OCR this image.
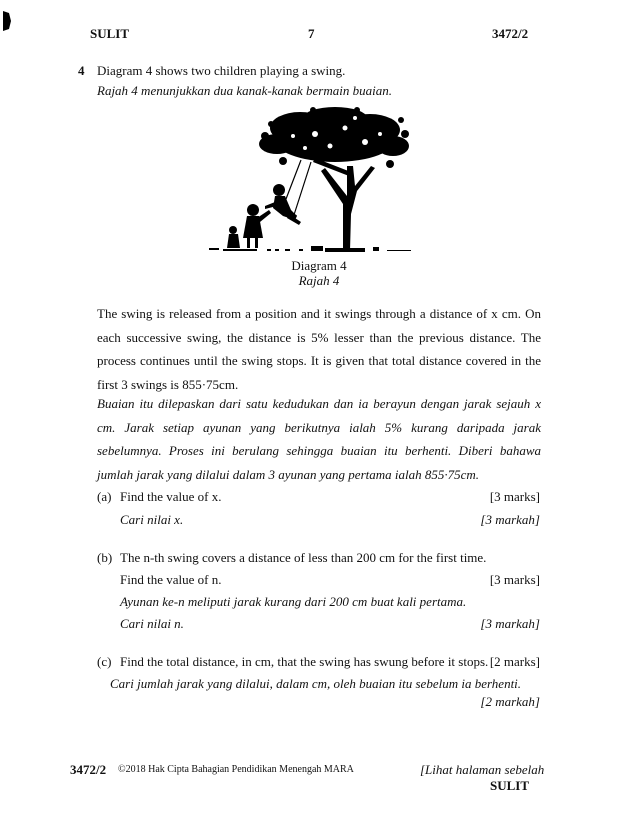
SULIT	7	3472/2
4 Diagram 4 shows two children playing a swing.
Rajah 4 menunjukkan dua kanak-kanak bermain buaian.
Diagram 4
Rajah 4
The swing is released from a position and it swings through a distance of x cm. On each successive swing, the distance is 5% lesser than the previous distance. The process continues until the swing stops. It is given that total distance covered in the first 3 swings is 855·75cm.
Buaian itu dilepaskan dari satu kedudukan dan ia berayun dengan jarak sejauh x cm. Jarak setiap ayunan yang berikutnya ialah 5% kurang daripada jarak sebelumnya. Proses ini berulang sehingga buaian itu berhenti. Diberi bahawa jumlah jarak yang dilalui dalam 3 ayunan yang pertama ialah 855·75cm.
(a) Find the value of x.	[3 marks]
Cari nilai x.	[3 markah]
(b) The n-th swing covers a distance of less than 200 cm for the first time.
Find the value of n.	[3 marks]
Ayunan ke-n meliputi jarak kurang dari 200 cm buat kali pertama.
Cari nilai n.	[3 markah]
(c) Find the total distance, in cm, that the swing has swung before it stops. [2 marks]
Cari jumlah jarak yang dilalui, dalam cm, oleh buaian itu sebelum ia berhenti.
[2 markah]
3472/2 ©2018 Hak Cipta Bahagian Pendidikan Menengah MARA	[Lihat halaman sebelah
SULIT
